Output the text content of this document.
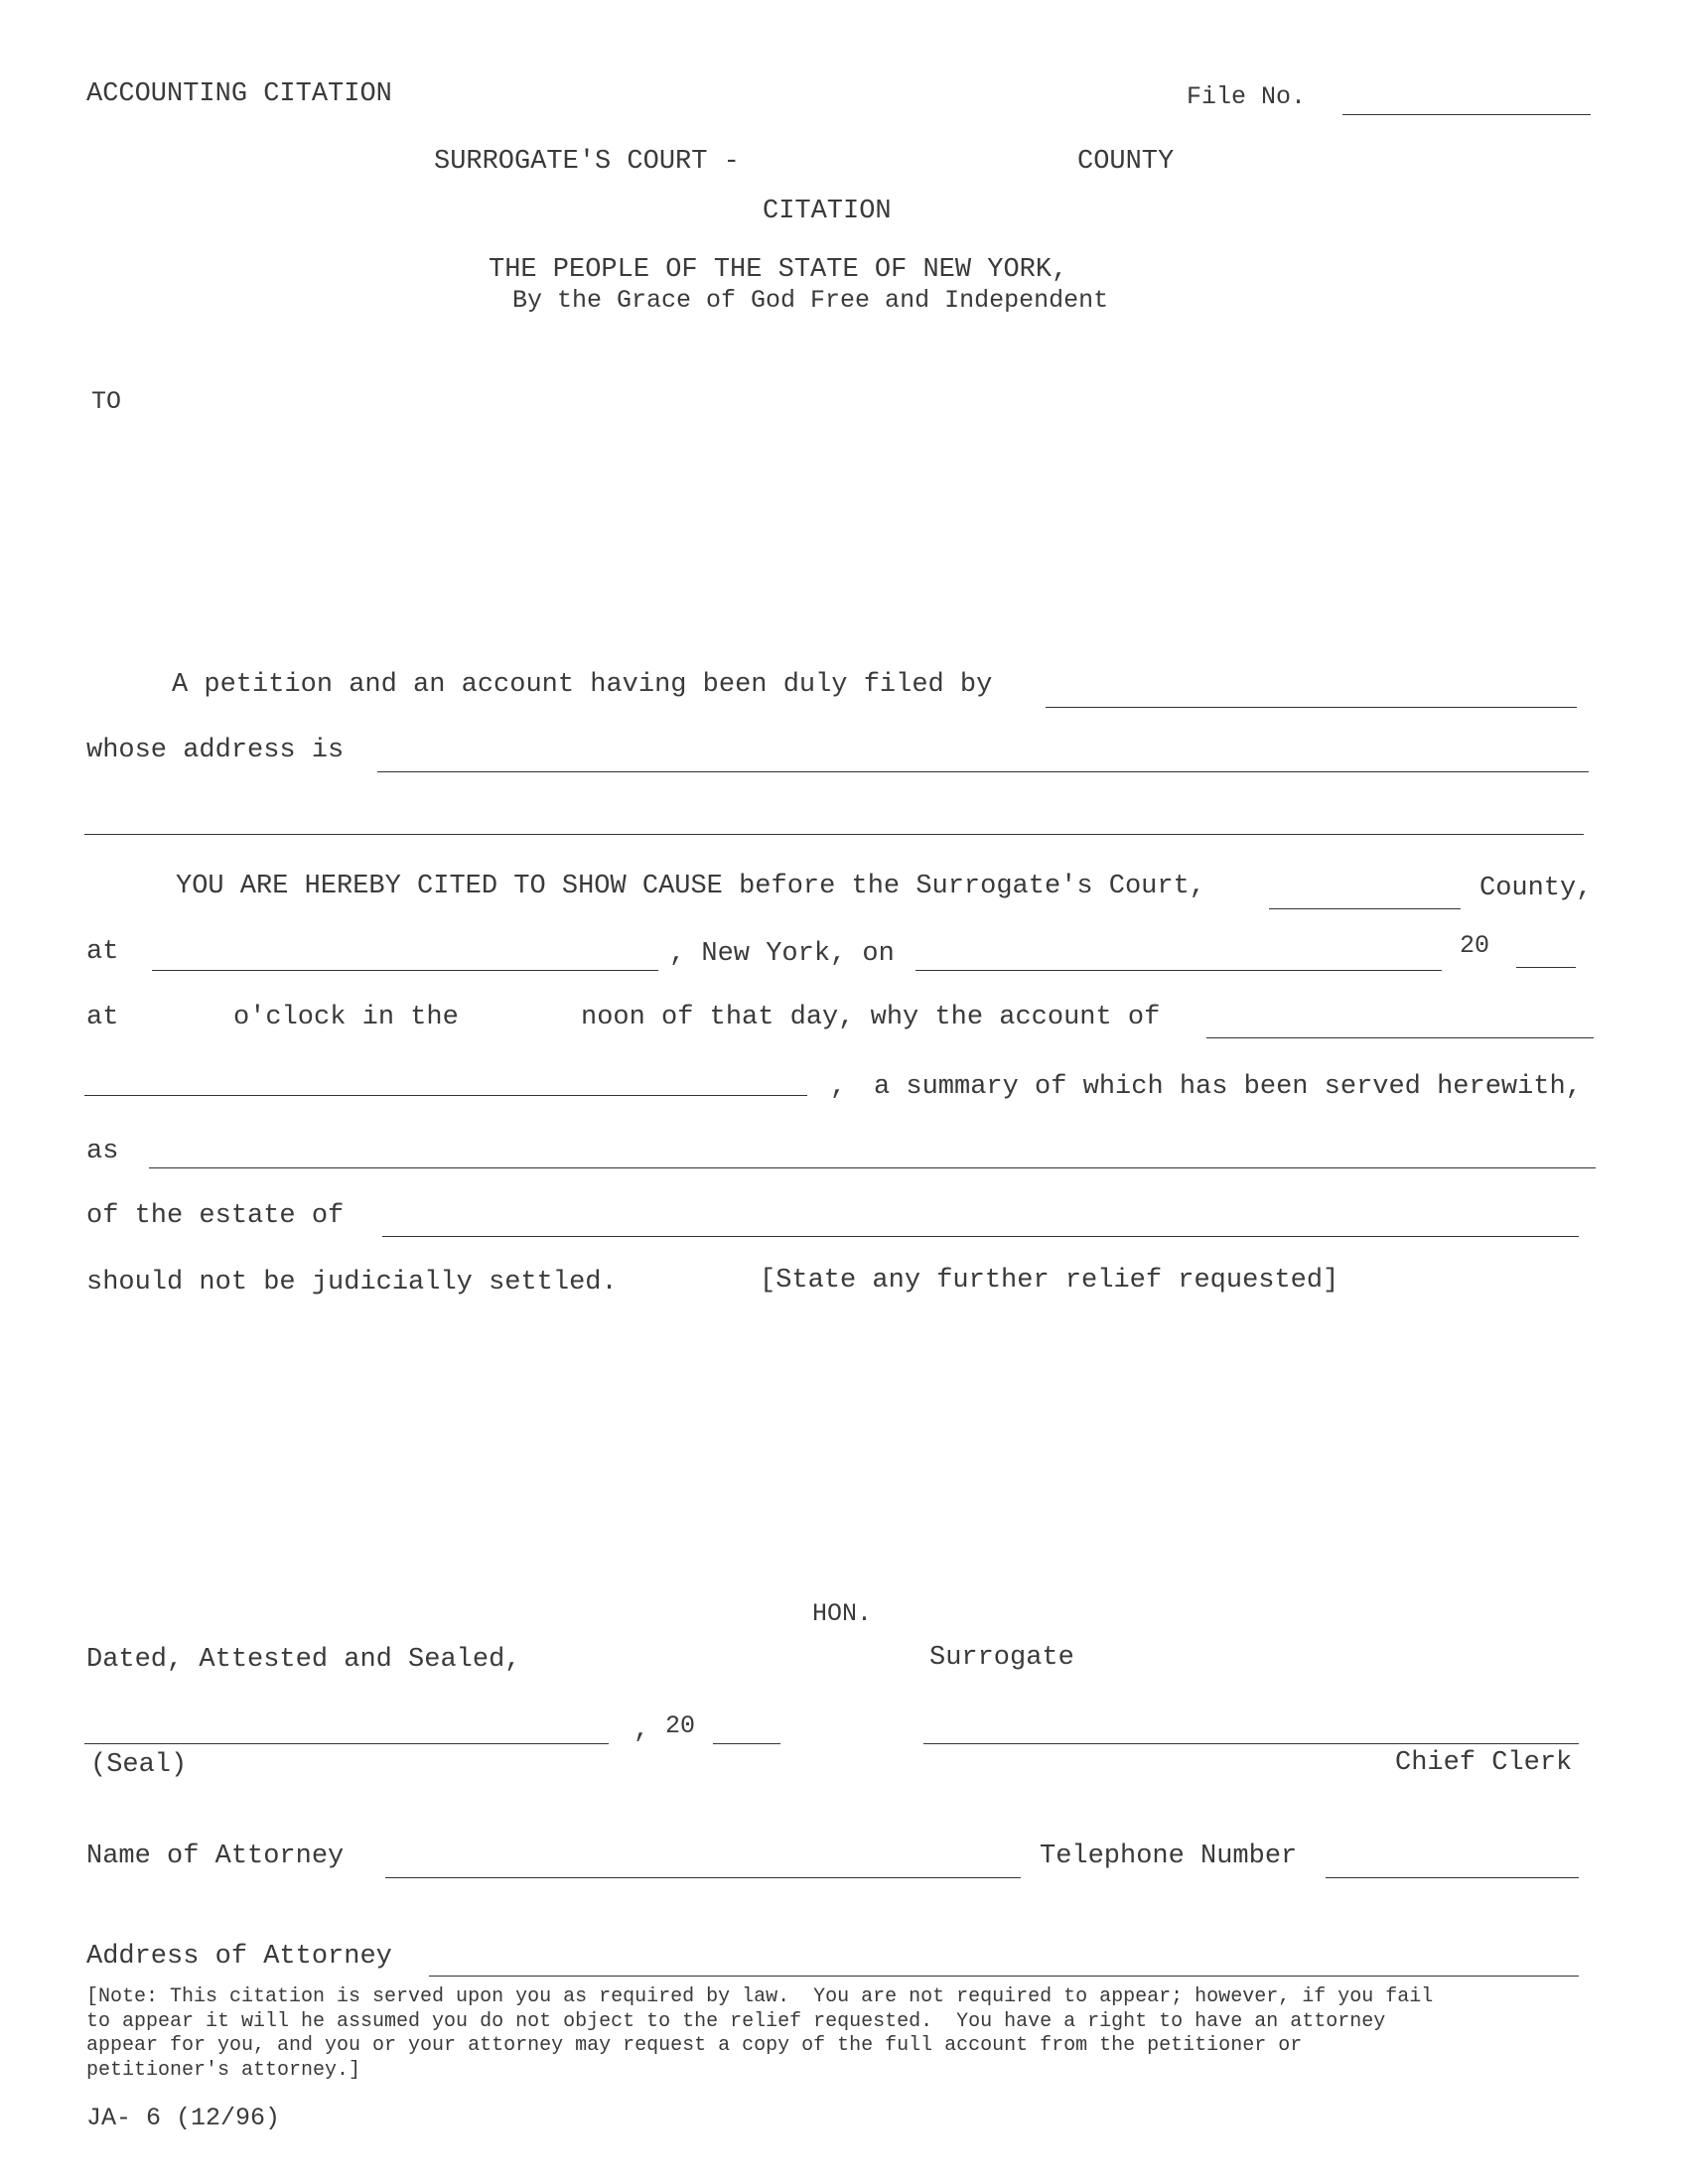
ACCOUNTING CITATION	File No.
SURROGATE'S COURT -	COUNTY
CITATION
THE PEOPLE OF THE STATE OF NEW YORK,
By the Grace of God Free and Independent
TO
A petition and an account having been duly filed by
whose address is
YOU ARE HEREBY CITED TO SHOW CAUSE before the Surrogate's Court,	County,
at	, New York, on	20
at	o'clock in the	noon of that day, why the account of
, a summary of which has been served herewith,
as
of the estate of
should not be judicially settled.	[State any further relief requested]
HON.
Dated, Attested and Sealed,	Surrogate
, 20
(Seal)	Chief Clerk
Name of Attorney	Telephone Number
Address of Attorney
[Note: This citation is served upon you as required by law.  You are not required to appear; however, if you fail
to appear it will he assumed you do not object to the relief requested.  You have a right to have an attorney
appear for you, and you or your attorney may request a copy of the full account from the petitioner or
petitioner's attorney.]
JA- 6 (12/96)
